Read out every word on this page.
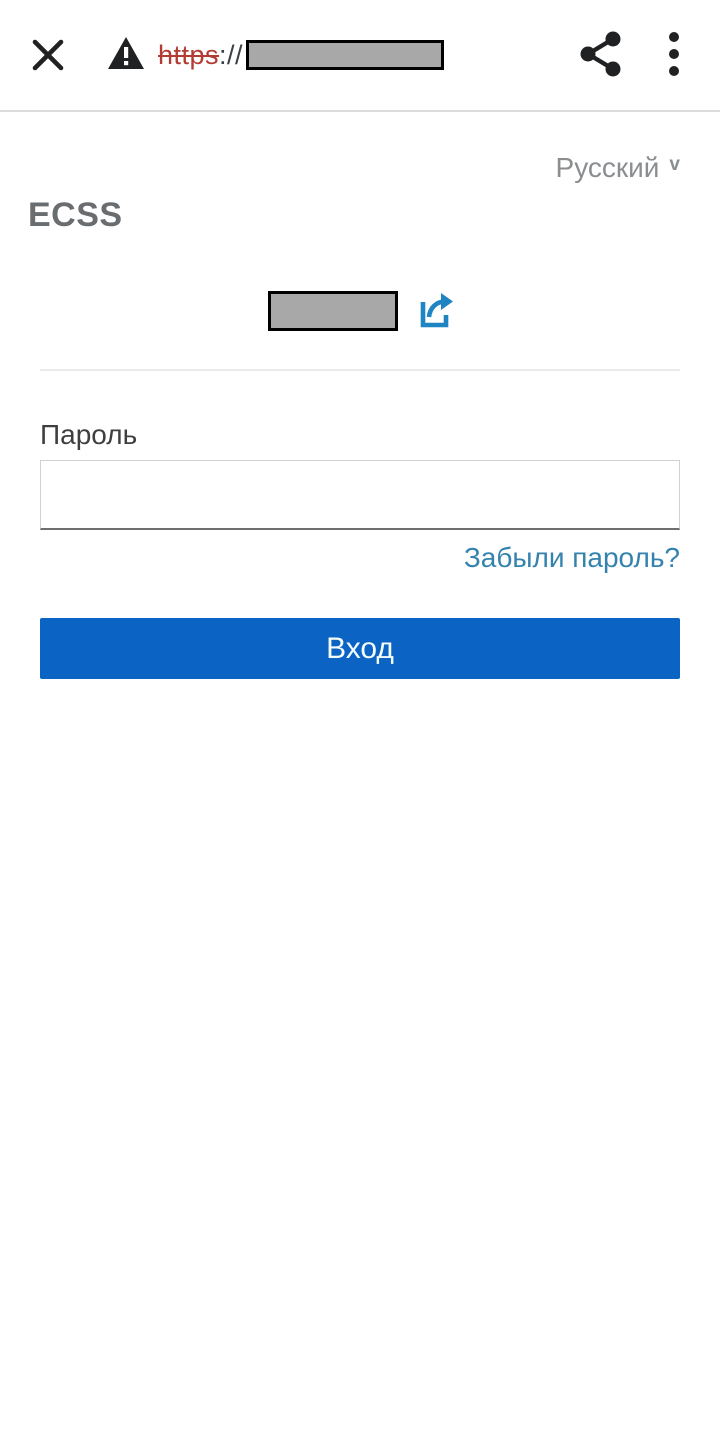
https ://
Русский v
ECSS
Пароль
Забыли пароль?
Вход
